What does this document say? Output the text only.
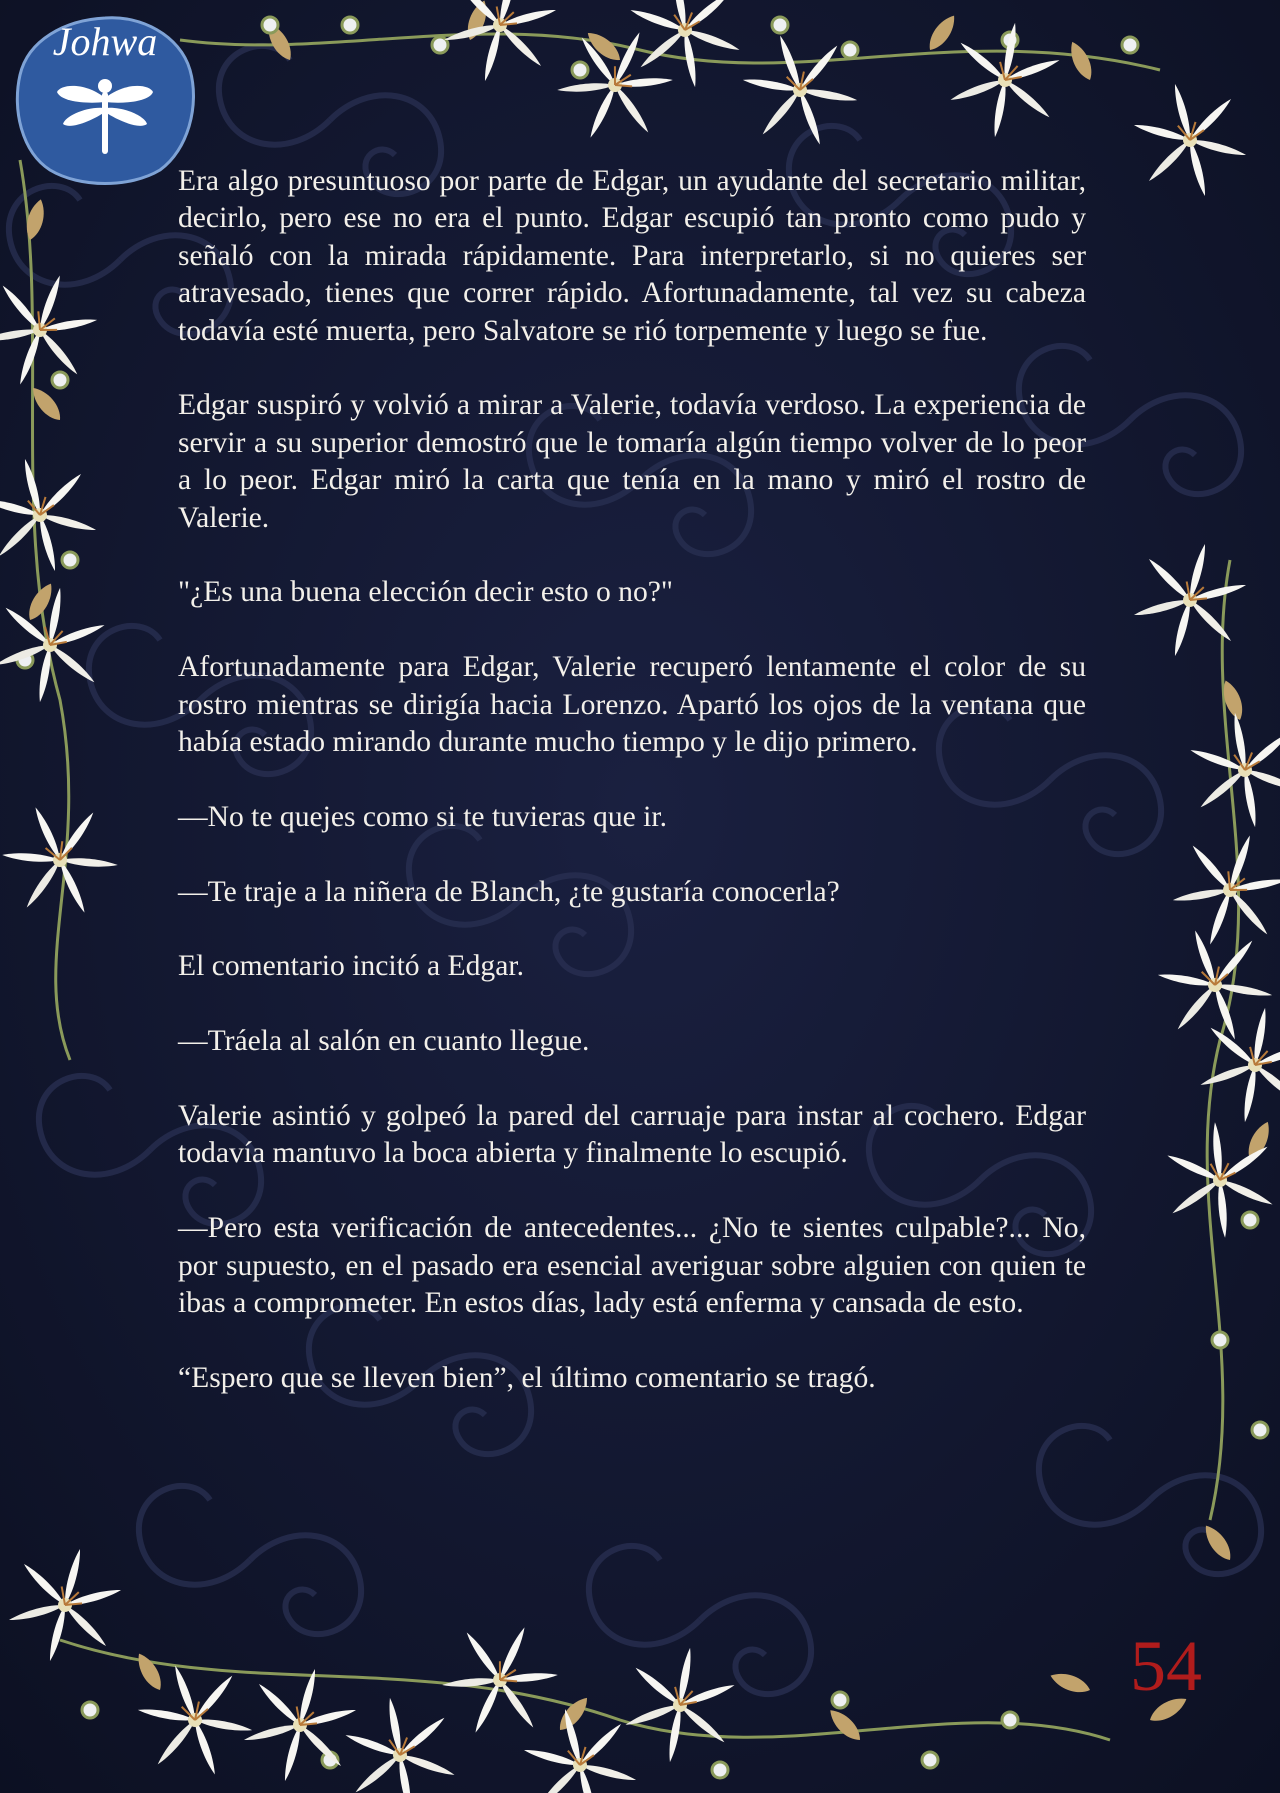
Johwa

Era algo presuntuoso por parte de Edgar, un ayudante del secretario militar, decirlo, pero ese no era el punto. Edgar escupió tan pronto como pudo y señaló con la mirada rápidamente. Para interpretarlo, si no quieres ser atravesado, tienes que correr rápido. Afortunadamente, tal vez su cabeza todavía esté muerta, pero Salvatore se rió torpemente y luego se fue.

Edgar suspiró y volvió a mirar a Valerie, todavía verdoso. La experiencia de servir a su superior demostró que le tomaría algún tiempo volver de lo peor a lo peor. Edgar miró la carta que tenía en la mano y miró el rostro de Valerie.

"¿Es una buena elección decir esto o no?"

Afortunadamente para Edgar, Valerie recuperó lentamente el color de su rostro mientras se dirigía hacia Lorenzo. Apartó los ojos de la ventana que había estado mirando durante mucho tiempo y le dijo primero.

—No te quejes como si te tuvieras que ir.

—Te traje a la niñera de Blanch, ¿te gustaría conocerla?

El comentario incitó a Edgar.

—Tráela al salón en cuanto llegue.

Valerie asintió y golpeó la pared del carruaje para instar al cochero. Edgar todavía mantuvo la boca abierta y finalmente lo escupió.

—Pero esta verificación de antecedentes... ¿No te sientes culpable?... No, por supuesto, en el pasado era esencial averiguar sobre alguien con quien te ibas a comprometer. En estos días, lady está enferma y cansada de esto.

“Espero que se lleven bien”, el último comentario se tragó.

54
